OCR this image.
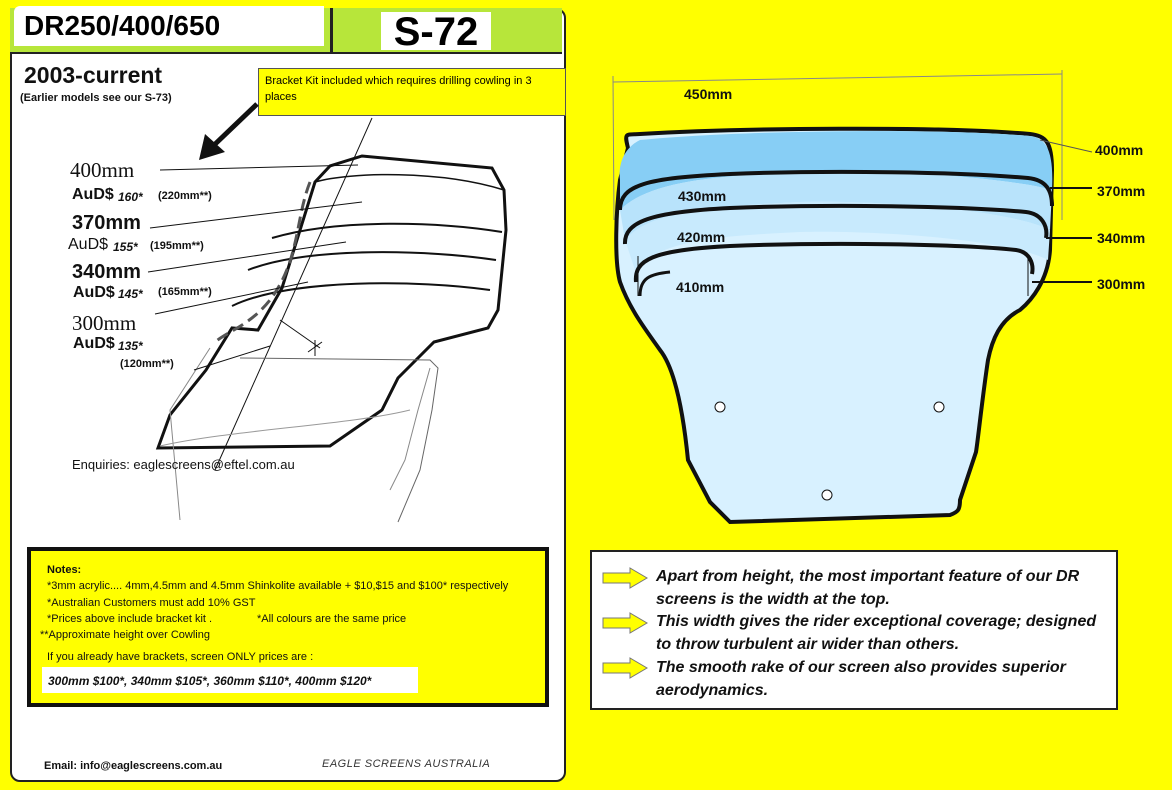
DR250/400/650	S-72
2003-current
(Earlier models see our S-73)
Bracket Kit included which requires drilling cowling in 3 places
400mm
AuD$ 160* (220mm**)
370mm
AuD$ 155* (195mm**)
340mm
AuD$ 145* (165mm**)
300mm
AuD$ 135*
(120mm**)
Enquiries: eaglescreens@eftel.com.au
Notes:
*3mm acrylic.... 4mm,4.5mm and 4.5mm Shinkolite available + $10,$15 and $100* respectively
*Australian Customers must add 10% GST
*Prices above include bracket kit .	*All colours are the same price
**Approximate height over Cowling
If you already have brackets, screen ONLY prices are :
300mm $100*, 340mm $105*, 360mm $110*, 400mm $120*
Email: info@eaglescreens.com.au	EAGLE SCREENS AUSTRALIA
450mm
430mm
420mm
410mm
400mm
370mm
340mm
300mm
Apart from height, the most important feature of our DR screens is the width at the top.
This width gives the rider exceptional coverage; designed to throw turbulent air wider than others.
The smooth rake of our screen also provides superior aerodynamics.
